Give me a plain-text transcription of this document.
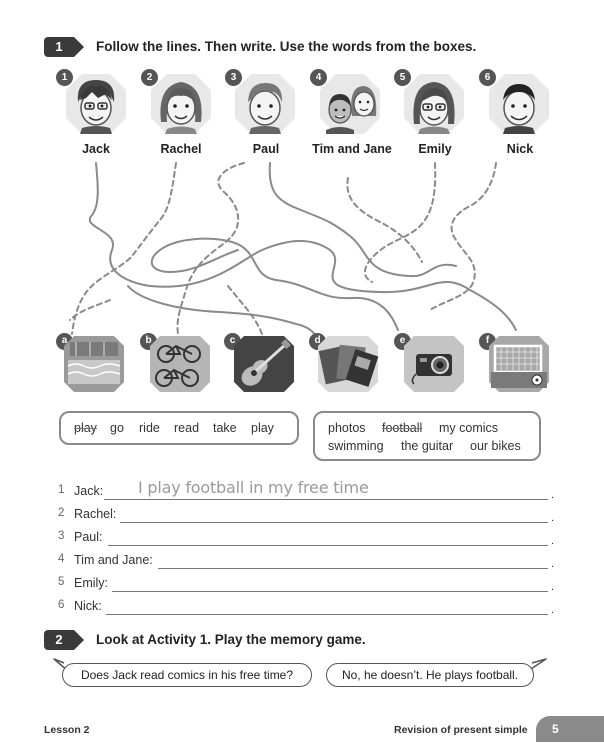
1	Follow the lines. Then write. Use the words from the boxes.
1
Jack
2
Rachel
3
Paul
4
Tim and Jane
5
Emily
6
Nick
a	b	c	d	e	f
play go ride read take play	photos football my comics
swimming the guitar our bikes
1 Jack: I play football in my free time	.
2 Rachel:	.
3 Paul:	.
4 Tim and Jane:	.
5 Emily:	.
6 Nick:	.
2	Look at Activity 1. Play the memory game.
Does Jack read comics in his free time?	No, he doesn’t. He plays football.
Lesson 2	Revision of present simple	5
